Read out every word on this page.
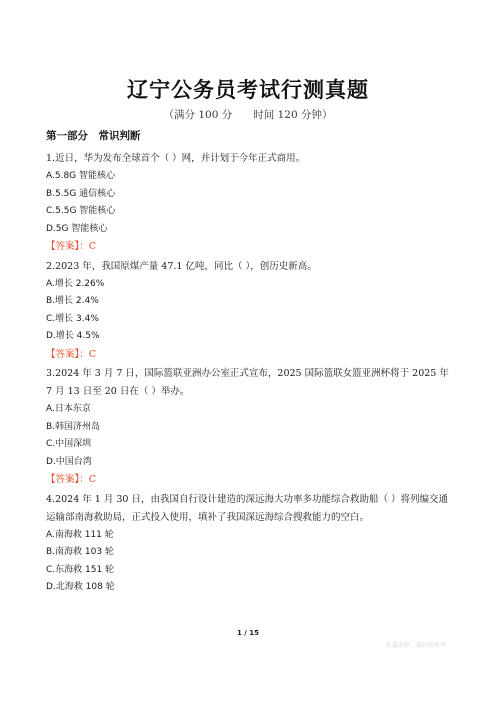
辽宁公务员考试行测真题
（满分 100 分　　时间 120 分钟）
第一部分　常识判断
1.近日，华为发布全球首个（ ）网，并计划于今年正式商用。
A.5.8G 智能核心
B.5.5G 通信核心
C.5.5G 智能核心
D.5G 智能核心
【答案】：C
2.2023 年，我国原煤产量 47.1 亿吨，同比（ ），创历史新高。
A.增长 2.26%
B.增长 2.4%
C.增长 3.4%
D.增长 4.5%
【答案】：C
3.2024 年 3 月 7 日，国际篮联亚洲办公室正式宣布，2025 国际篮联女篮亚洲杯将于 2025 年 7 月 13 日至 20 日在（ ）举办。
A.日本东京
B.韩国济州岛
C.中国深圳
D.中国台湾
【答案】：C
4.2024 年 1 月 30 日，由我国自行设计建造的深远海大功率多功能综合救助船（ ）将列编交通运输部南海救助局，正式投入使用，填补了我国深远海综合搜救能力的空白。
A.南海救 111 轮
B.南海救 103 轮
C.东海救 151 轮
D.北海救 108 轮
1 / 15
在最美好、最好的年华
